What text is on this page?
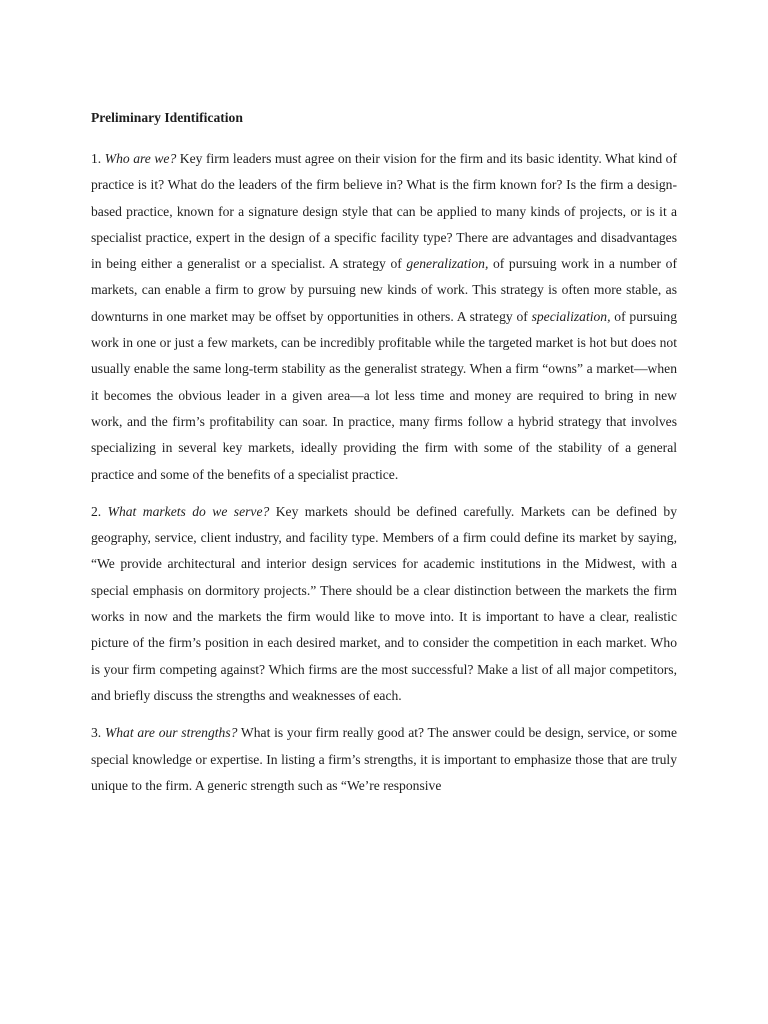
Preliminary Identification

1. Who are we? Key firm leaders must agree on their vision for the firm and its basic identity. What kind of practice is it? What do the leaders of the firm believe in? What is the firm known for? Is the firm a design-based practice, known for a signature design style that can be applied to many kinds of projects, or is it a specialist practice, expert in the design of a specific facility type? There are advantages and disadvantages in being either a generalist or a specialist. A strategy of generalization, of pursuing work in a number of markets, can enable a firm to grow by pursuing new kinds of work. This strategy is often more stable, as downturns in one market may be offset by opportunities in others. A strategy of specialization, of pursuing work in one or just a few markets, can be incredibly profitable while the targeted market is hot but does not usually enable the same long-term stability as the generalist strategy. When a firm “owns” a market—when it becomes the obvious leader in a given area—a lot less time and money are required to bring in new work, and the firm’s profitability can soar. In practice, many firms follow a hybrid strategy that involves specializing in several key markets, ideally providing the firm with some of the stability of a general practice and some of the benefits of a specialist practice.

2. What markets do we serve? Key markets should be defined carefully. Markets can be defined by geography, service, client industry, and facility type. Members of a firm could define its market by saying, “We provide architectural and interior design services for academic institutions in the Midwest, with a special emphasis on dormitory projects.” There should be a clear distinction between the markets the firm works in now and the markets the firm would like to move into. It is important to have a clear, realistic picture of the firm’s position in each desired market, and to consider the competition in each market. Who is your firm competing against? Which firms are the most successful? Make a list of all major competitors, and briefly discuss the strengths and weaknesses of each.

3. What are our strengths? What is your firm really good at? The answer could be design, service, or some special knowledge or expertise. In listing a firm’s strengths, it is important to emphasize those that are truly unique to the firm. A generic strength such as “We’re responsive
